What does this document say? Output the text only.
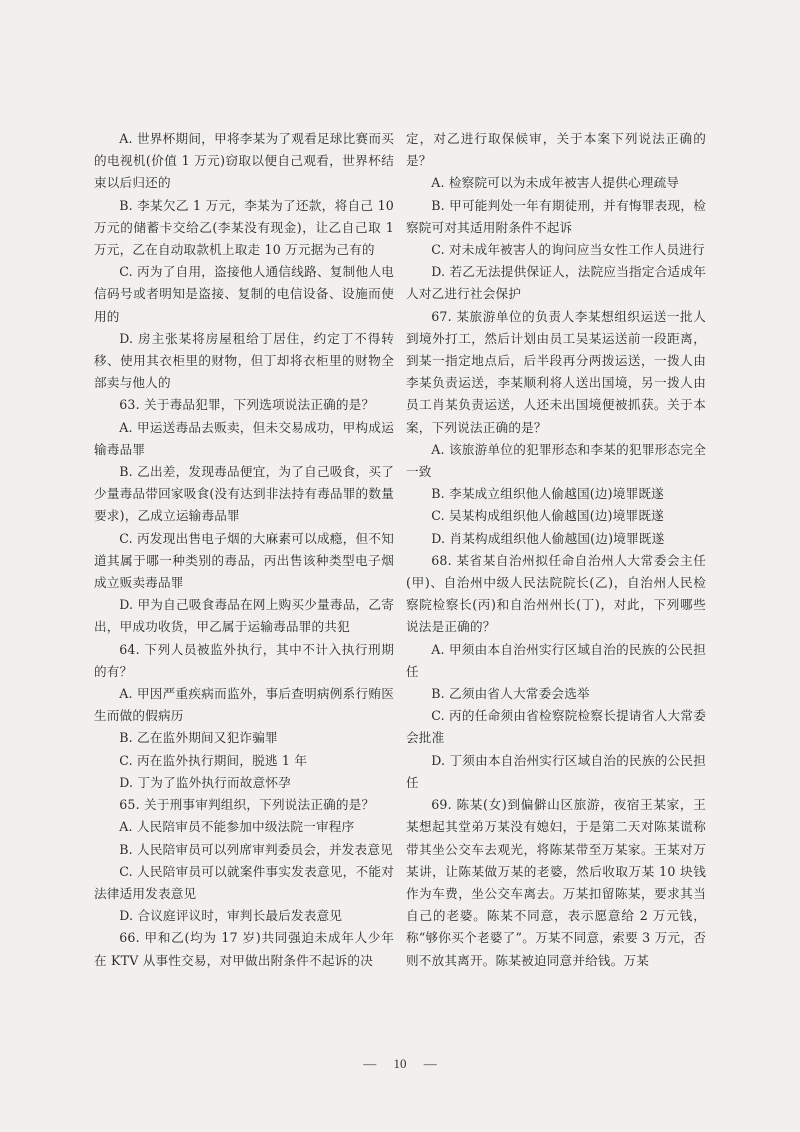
A. 世界杯期间，甲将李某为了观看足球比赛而买的电视机(价值 1 万元)窃取以便自己观看，世界杯结束以后归还的

B. 李某欠乙 1 万元，李某为了还款，将自己 10 万元的储蓄卡交给乙(李某没有现金)，让乙自己取 1 万元，乙在自动取款机上取走 10 万元据为己有的

C. 丙为了自用，盗接他人通信线路、复制他人电信码号或者明知是盗接、复制的电信设备、设施而使用的

D. 房主张某将房屋租给丁居住，约定丁不得转移、使用其衣柜里的财物，但丁却将衣柜里的财物全部卖与他人的

63. 关于毒品犯罪，下列选项说法正确的是？

A. 甲运送毒品去贩卖，但未交易成功，甲构成运输毒品罪

B. 乙出差，发现毒品便宜，为了自己吸食，买了少量毒品带回家吸食(没有达到非法持有毒品罪的数量要求)，乙成立运输毒品罪

C. 丙发现出售电子烟的大麻素可以成瘾，但不知道其属于哪一种类别的毒品，丙出售该种类型电子烟成立贩卖毒品罪

D. 甲为自己吸食毒品在网上购买少量毒品，乙寄出，甲成功收货，甲乙属于运输毒品罪的共犯

64. 下列人员被监外执行，其中不计入执行刑期的有？

A. 甲因严重疾病而监外，事后查明病例系行贿医生而做的假病历

B. 乙在监外期间又犯诈骗罪

C. 丙在监外执行期间，脱逃 1 年

D. 丁为了监外执行而故意怀孕

65. 关于刑事审判组织，下列说法正确的是？

A. 人民陪审员不能参加中级法院一审程序

B. 人民陪审员可以列席审判委员会，并发表意见

C. 人民陪审员可以就案件事实发表意见，不能对法律适用发表意见

D. 合议庭评议时，审判长最后发表意见

66. 甲和乙(均为 17 岁)共同强迫未成年人少年在 KTV 从事性交易，对甲做出附条件不起诉的决

定，对乙进行取保候审，关于本案下列说法正确的是？

A. 检察院可以为未成年被害人提供心理疏导

B. 甲可能判处一年有期徒刑，并有悔罪表现，检察院可对其适用附条件不起诉

C. 对未成年被害人的询问应当女性工作人员进行

D. 若乙无法提供保证人，法院应当指定合适成年人对乙进行社会保护

67. 某旅游单位的负责人李某想组织运送一批人到境外打工，然后计划由员工吴某运送前一段距离，到某一指定地点后，后半段再分两拨运送，一拨人由李某负责运送，李某顺利将人送出国境，另一拨人由员工肖某负责运送，人还未出国境便被抓获。关于本案，下列说法正确的是？

A. 该旅游单位的犯罪形态和李某的犯罪形态完全一致

B. 李某成立组织他人偷越国(边)境罪既遂

C. 吴某构成组织他人偷越国(边)境罪既遂

D. 肖某构成组织他人偷越国(边)境罪既遂

68. 某省某自治州拟任命自治州人大常委会主任(甲)、自治州中级人民法院院长(乙)，自治州人民检察院检察长(丙)和自治州州长(丁)，对此，下列哪些说法是正确的？

A. 甲须由本自治州实行区域自治的民族的公民担任

B. 乙须由省人大常委会选举

C. 丙的任命须由省检察院检察长提请省人大常委会批准

D. 丁须由本自治州实行区域自治的民族的公民担任

69. 陈某(女)到偏僻山区旅游，夜宿王某家，王某想起其堂弟万某没有媳妇，于是第二天对陈某谎称带其坐公交车去观光，将陈某带至万某家。王某对万某讲，让陈某做万某的老婆，然后收取万某 10 块钱作为车费，坐公交车离去。万某扣留陈某，要求其当自己的老婆。陈某不同意，表示愿意给 2 万元钱，称“够你买个老婆了”。万某不同意，索要 3 万元，否则不放其离开。陈某被迫同意并给钱。万某

— 10 —
